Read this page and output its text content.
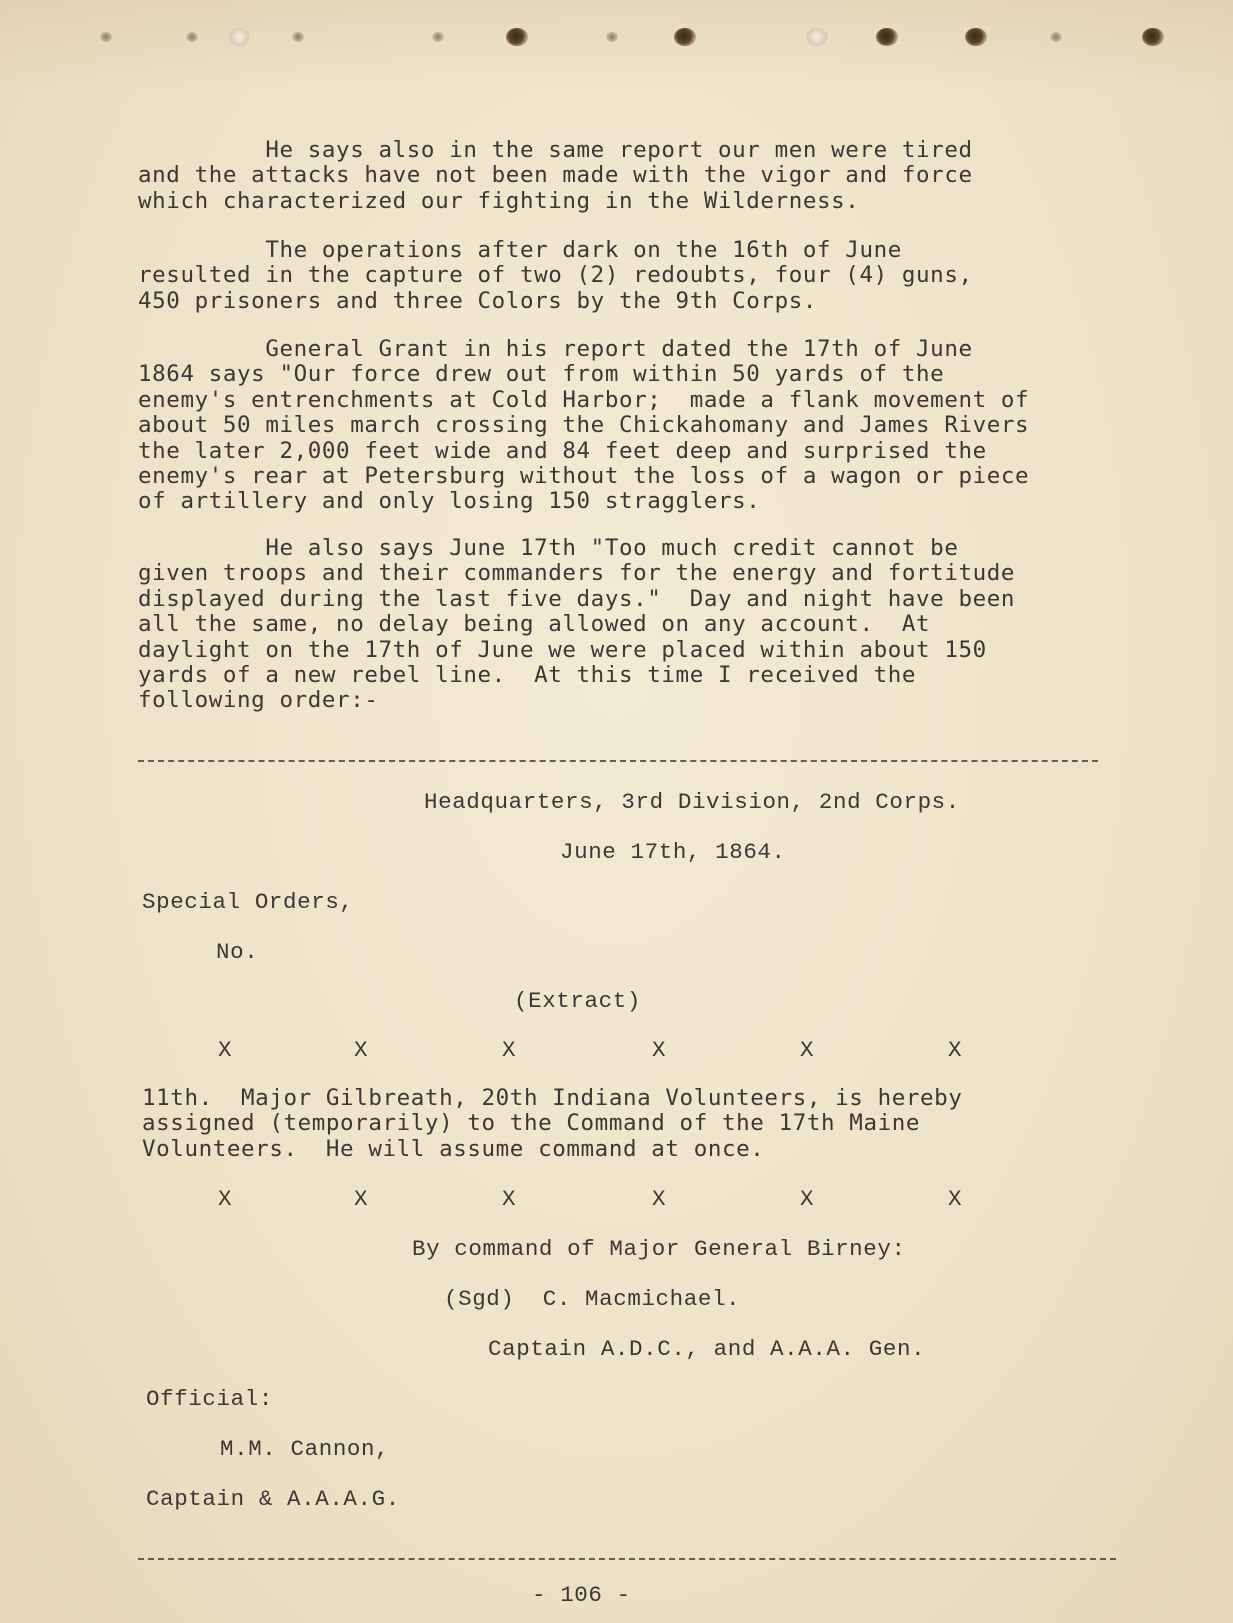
He says also in the same report our men were tired
and the attacks have not been made with the vigor and force
which characterized our fighting in the Wilderness.
The operations after dark on the 16th of June
resulted in the capture of two (2) redoubts, four (4) guns,
450 prisoners and three Colors by the 9th Corps.
General Grant in his report dated the 17th of June
1864 says "Our force drew out from within 50 yards of the
enemy's entrenchments at Cold Harbor;  made a flank movement of
about 50 miles march crossing the Chickahomany and James Rivers
the later 2,000 feet wide and 84 feet deep and surprised the
enemy's rear at Petersburg without the loss of a wagon or piece
of artillery and only losing 150 stragglers.
He also says June 17th "Too much credit cannot be
given troops and their commanders for the energy and fortitude
displayed during the last five days."  Day and night have been
all the same, no delay being allowed on any account.  At
daylight on the 17th of June we were placed within about 150
yards of a new rebel line.  At this time I received the
following order:-
Headquarters, 3rd Division, 2nd Corps.
June 17th, 1864.
Special Orders,
No.
(Extract)
X	X	X	X	X	X
11th.  Major Gilbreath, 20th Indiana Volunteers, is hereby
assigned (temporarily) to the Command of the 17th Maine
Volunteers.  He will assume command at once.
X	X	X	X	X	X
By command of Major General Birney:
(Sgd)  C. Macmichael.
Captain A.D.C., and A.A.A. Gen.
Official:
M.M. Cannon,
Captain & A.A.A.G.
- 106 -
